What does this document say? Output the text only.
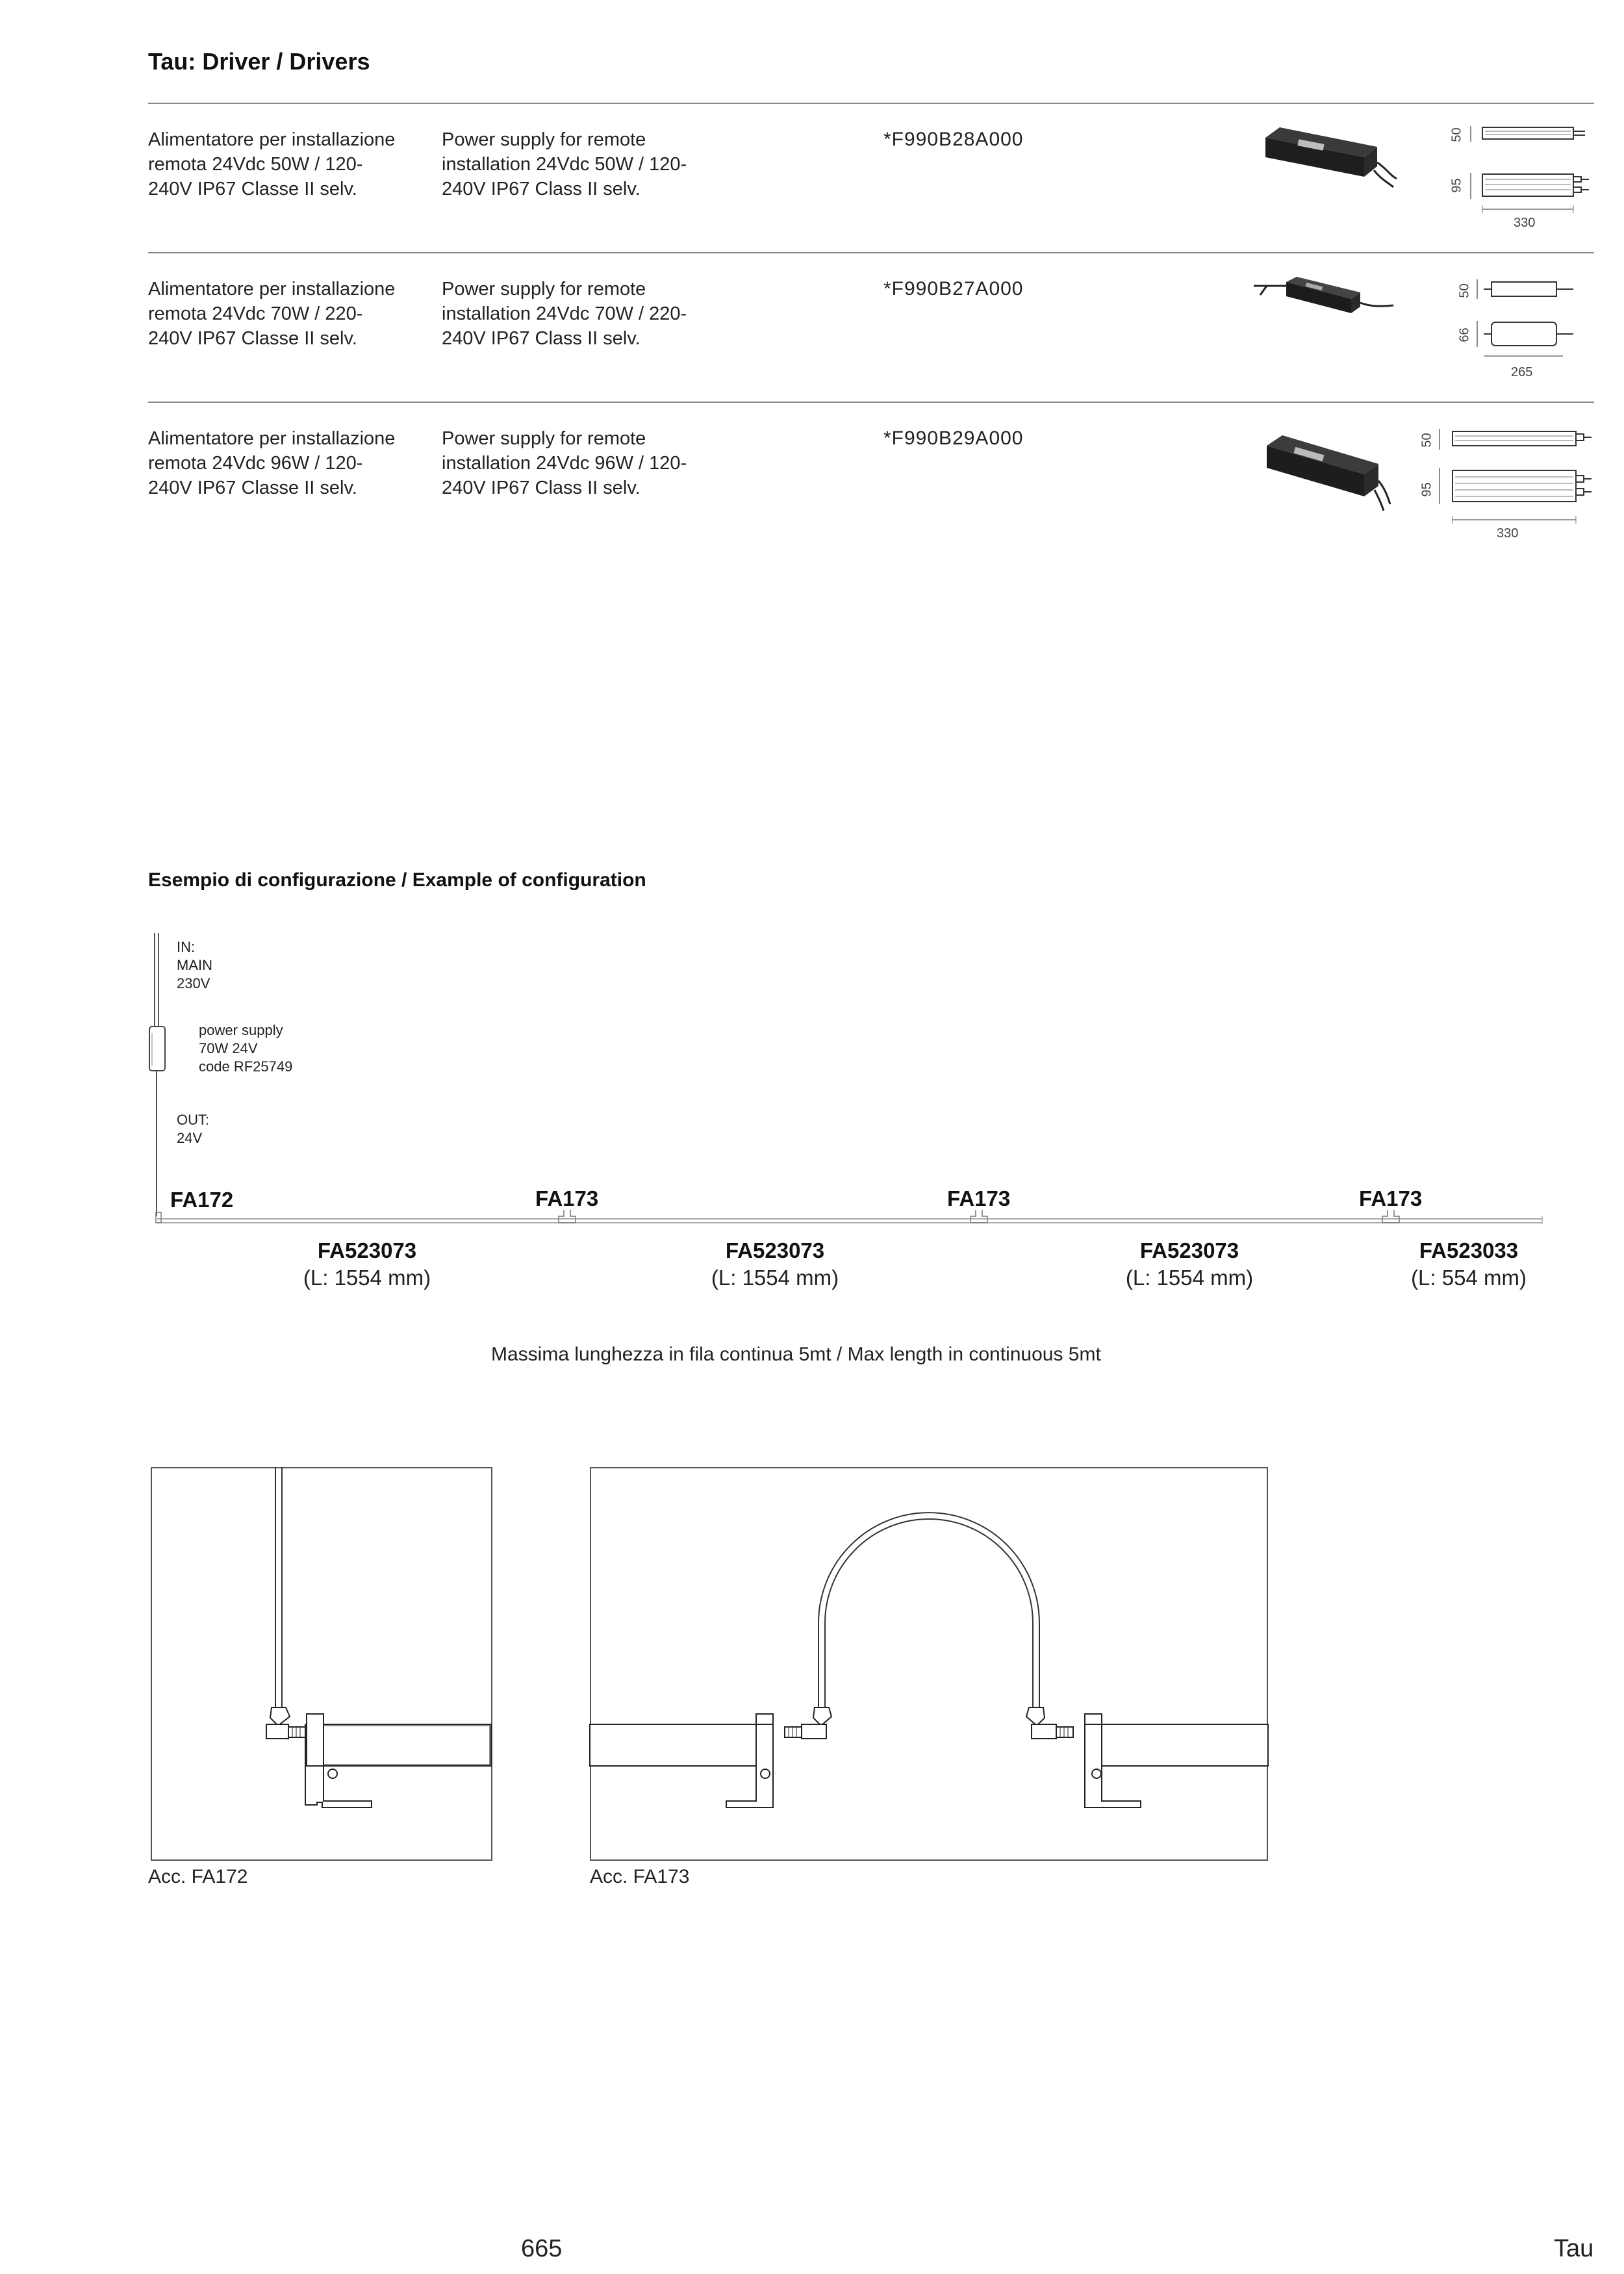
Tau: Driver / Drivers
Alimentatore per installazione
remota 24Vdc 50W / 120-
240V IP67 Classe II selv.
Power supply for remote
installation 24Vdc 50W / 120-
240V IP67 Class II selv.
*F990B28A000	50
95
330
Alimentatore per installazione
remota 24Vdc 70W / 220-
240V IP67 Classe II selv.
Power supply for remote
installation 24Vdc 70W / 220-
240V IP67 Class II selv.
*F990B27A000	50
66
265
Alimentatore per installazione
remota 24Vdc 96W / 120-
240V IP67 Classe II selv.
Power supply for remote
installation 24Vdc 96W / 120-
240V IP67 Class II selv.
*F990B29A000	50
95
330
Esempio di configurazione / Example of configuration
IN:
MAIN
230V
power supply
70W 24V
code RF25749
OUT:
24V
FA172	FA173	FA173	FA173
FA523073
(L: 1554 mm)
FA523073
(L: 1554 mm)
FA523073
(L: 1554 mm)
FA523033
(L: 554 mm)
Massima lunghezza in fila continua 5mt / Max length in continuous 5mt
Acc. FA172	Acc. FA173
665	Tau
